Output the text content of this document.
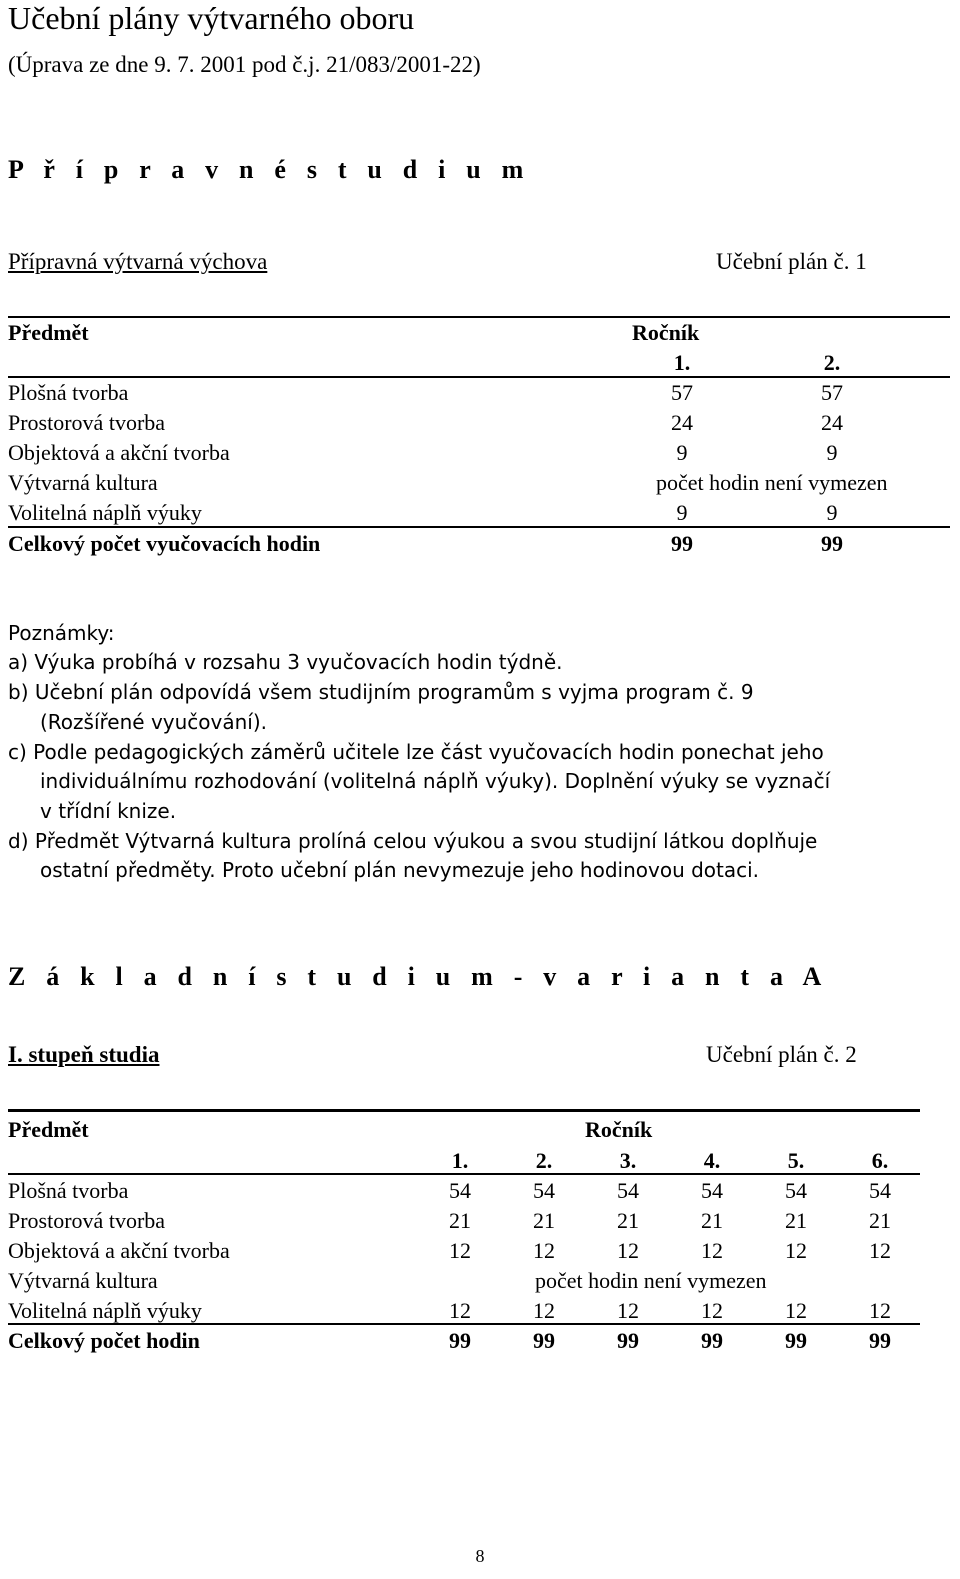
Učební plány výtvarného oboru
(Úprava ze dne 9. 7. 2001 pod č.j. 21/083/2001-22)
P ř í p r a v n é s t u d i u m
Přípravná výtvarná výchova	Učební plán č. 1
Předmět	Ročník
1.	2.
Plošná tvorba	57	57
Prostorová tvorba	24	24
Objektová a akční tvorba	9	9
Výtvarná kultura	počet hodin není vymezen
Volitelná náplň výuky	9	9
Celkový počet vyučovacích hodin	99	99
Poznámky:
a) Výuka probíhá v rozsahu 3 vyučovacích hodin týdně.
b) Učební plán odpovídá všem studijním programům s vyjma program č. 9
(Rozšířené vyučování).
c) Podle pedagogických záměrů učitele lze část vyučovacích hodin ponechat jeho
individuálnímu rozhodování (volitelná náplň výuky). Doplnění výuky se vyznačí
v třídní knize.
d) Předmět Výtvarná kultura prolíná celou výukou a svou studijní látkou doplňuje
ostatní předměty. Proto učební plán nevymezuje jeho hodinovou dotaci.
Z á k l a d n í s t u d i u m - v a r i a n t a A
I. stupeň studia	Učební plán č. 2
Předmět	Ročník
1.	2.	3.	4.	5.	6.
Plošná tvorba	54	54	54	54	54	54
Prostorová tvorba	21	21	21	21	21	21
Objektová a akční tvorba	12	12	12	12	12	12
Výtvarná kultura	počet hodin není vymezen
Volitelná náplň výuky	12	12	12	12	12	12
Celkový počet hodin	99	99	99	99	99	99
8
